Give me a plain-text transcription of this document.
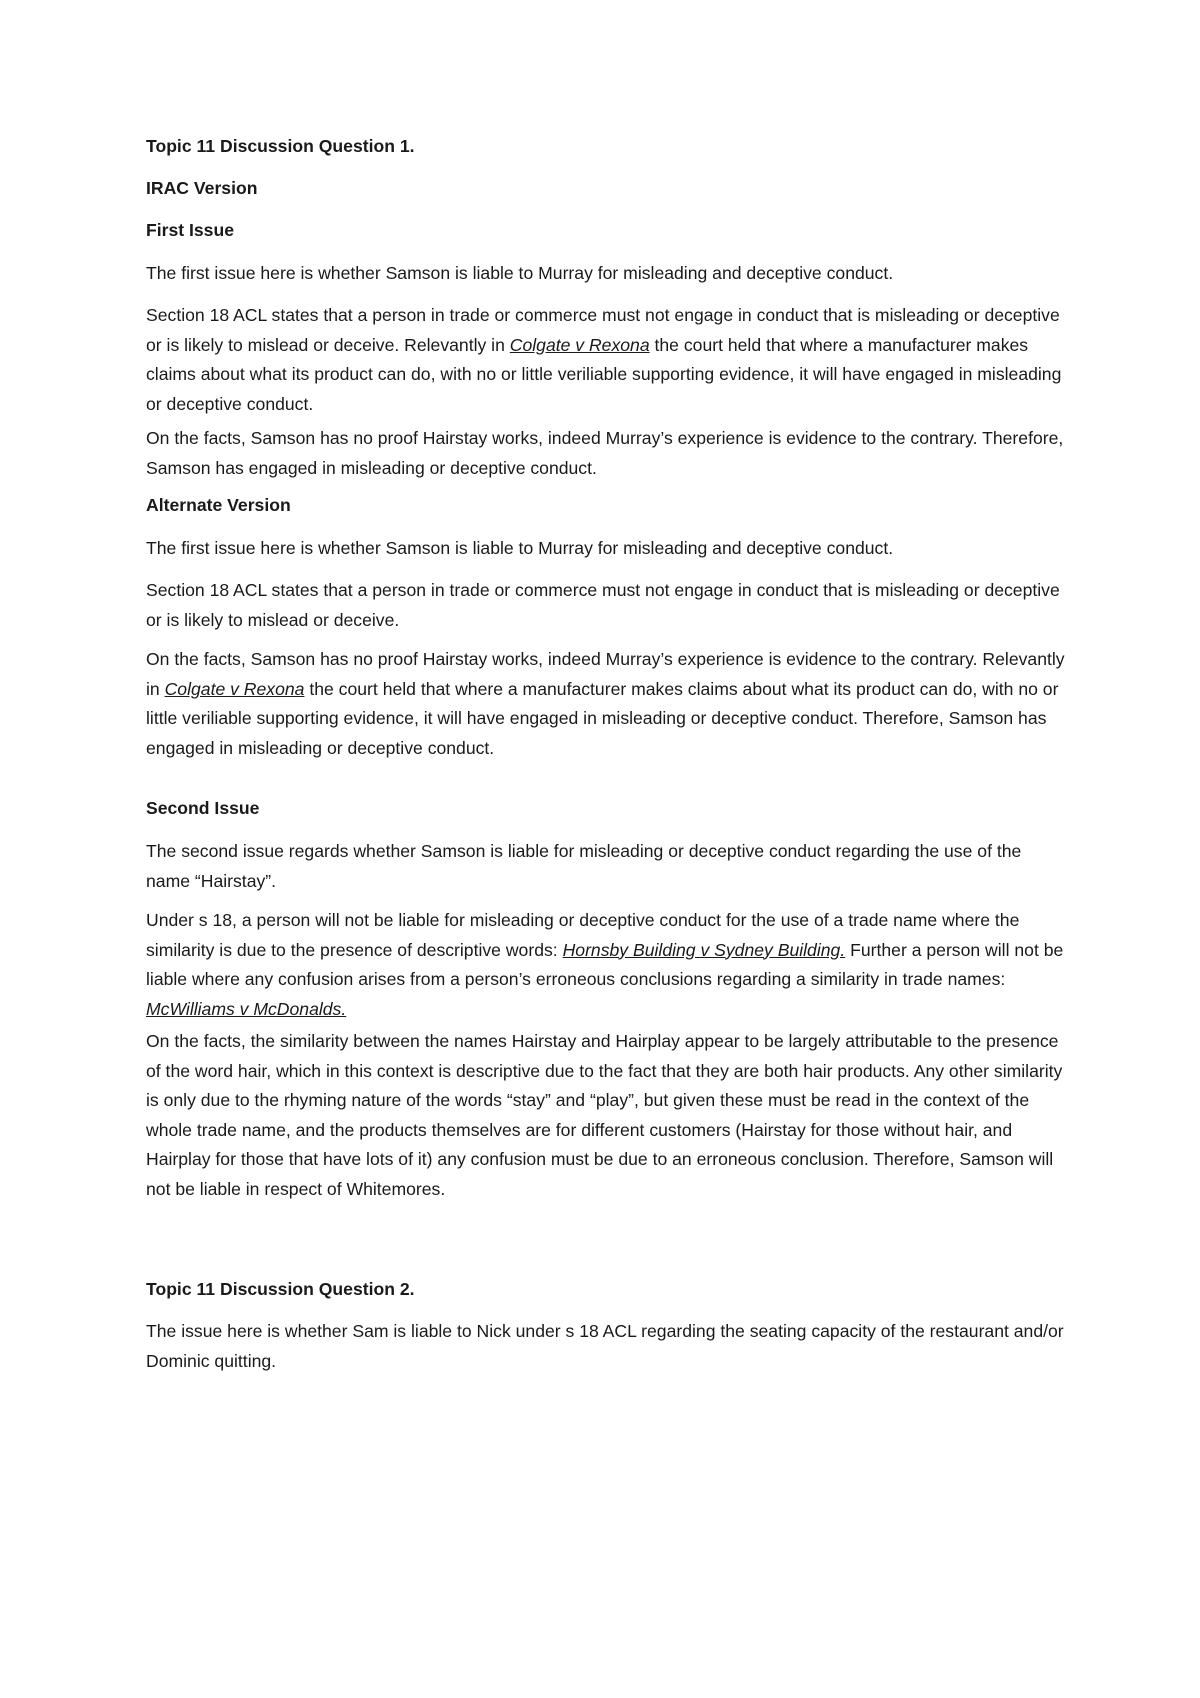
Topic 11 Discussion Question 1.

IRAC Version

First Issue

The first issue here is whether Samson is liable to Murray for misleading and deceptive conduct.

Section 18 ACL states that a person in trade or commerce must not engage in conduct that is misleading or deceptive or is likely to mislead or deceive. Relevantly in Colgate v Rexona the court held that where a manufacturer makes claims about what its product can do, with no or little veriliable supporting evidence, it will have engaged in misleading or deceptive conduct.

On the facts, Samson has no proof Hairstay works, indeed Murray’s experience is evidence to the contrary. Therefore, Samson has engaged in misleading or deceptive conduct.

Alternate Version

The first issue here is whether Samson is liable to Murray for misleading and deceptive conduct.

Section 18 ACL states that a person in trade or commerce must not engage in conduct that is misleading or deceptive or is likely to mislead or deceive.

On the facts, Samson has no proof Hairstay works, indeed Murray’s experience is evidence to the contrary. Relevantly in Colgate v Rexona the court held that where a manufacturer makes claims about what its product can do, with no or little veriliable supporting evidence, it will have engaged in misleading or deceptive conduct. Therefore, Samson has engaged in misleading or deceptive conduct.

Second Issue

The second issue regards whether Samson is liable for misleading or deceptive conduct regarding the use of the name “Hairstay”.

Under s 18, a person will not be liable for misleading or deceptive conduct for the use of a trade name where the similarity is due to the presence of descriptive words: Hornsby Building v Sydney Building. Further a person will not be liable where any confusion arises from a person’s erroneous conclusions regarding a similarity in trade names: McWilliams v McDonalds.

On the facts, the similarity between the names Hairstay and Hairplay appear to be largely attributable to the presence of the word hair, which in this context is descriptive due to the fact that they are both hair products. Any other similarity is only due to the rhyming nature of the words “stay” and “play”, but given these must be read in the context of the whole trade name, and the products themselves are for different customers (Hairstay for those without hair, and Hairplay for those that have lots of it) any confusion must be due to an erroneous conclusion. Therefore, Samson will not be liable in respect of Whitemores.

Topic 11 Discussion Question 2.

The issue here is whether Sam is liable to Nick under s 18 ACL regarding the seating capacity of the restaurant and/or Dominic quitting.
